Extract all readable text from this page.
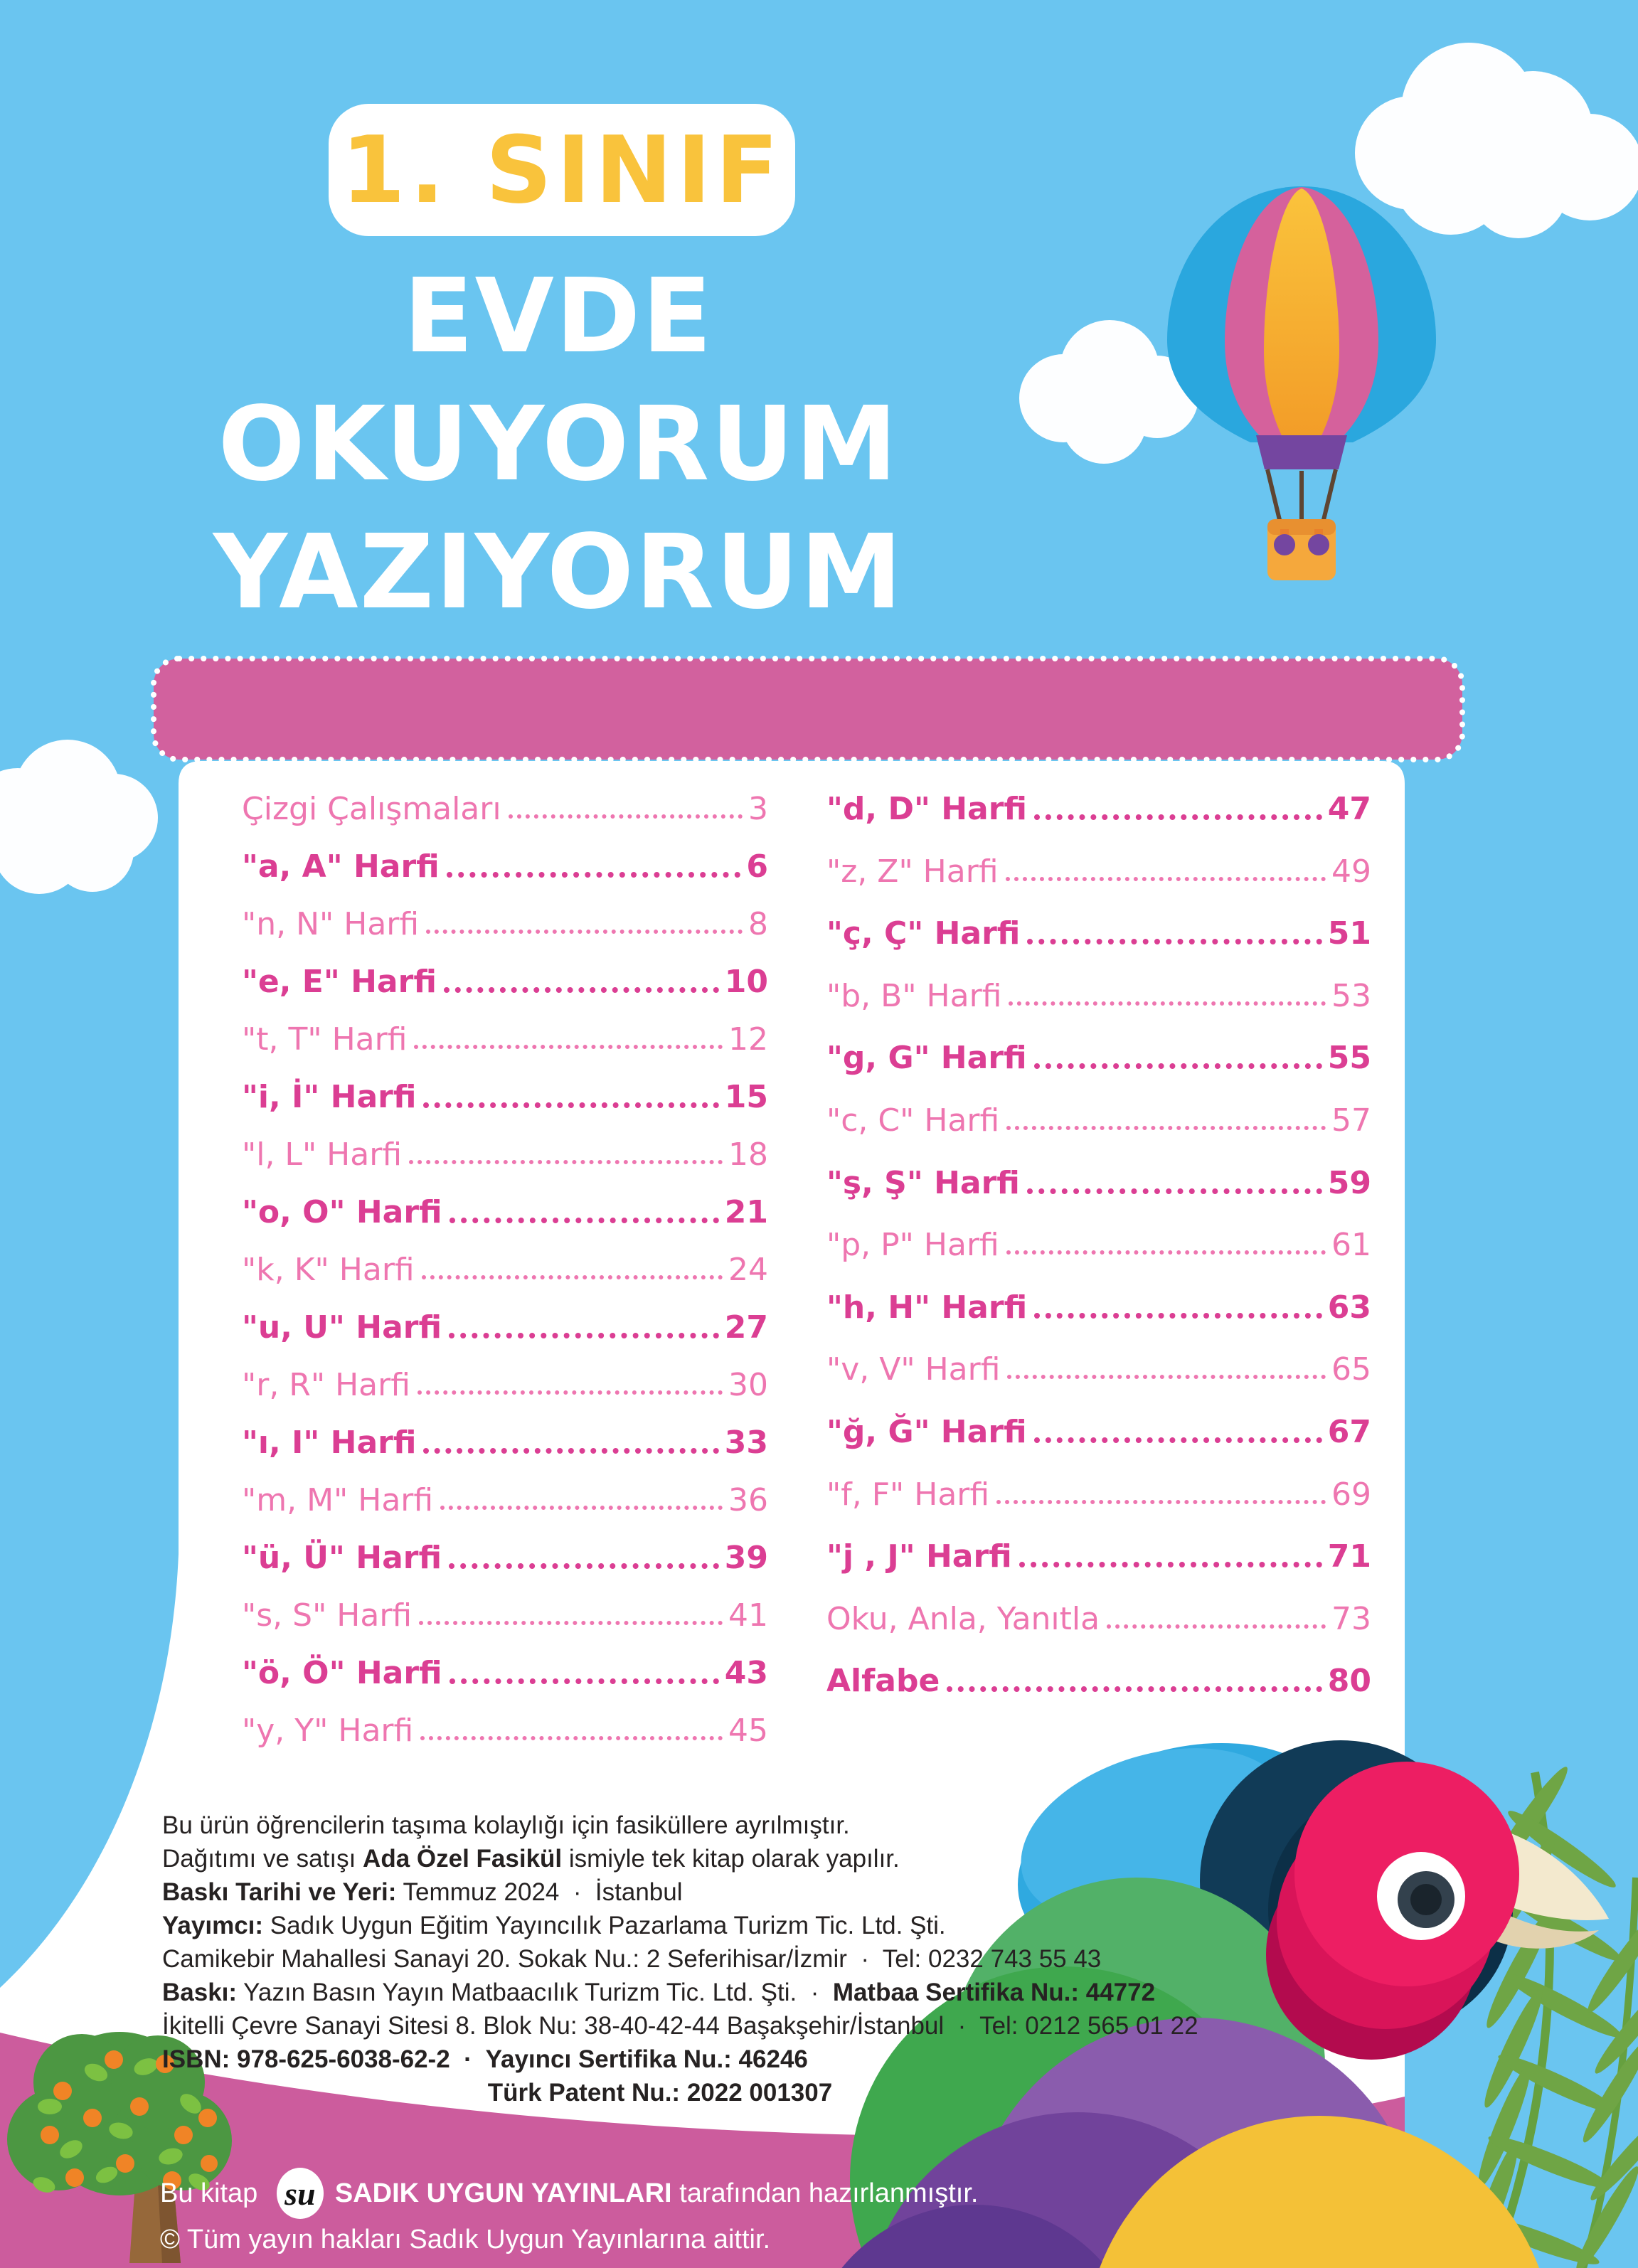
1. SINIF
EVDE
OKUYORUM
YAZIYORUM
Çizgi Çalışmaları	3
"a, A" Harfi	6
"n, N" Harfi	8
"e, E" Harfi	10
"t, T" Harfi	12
"i, İ" Harfi	15
"l, L" Harfi	18
"o, O" Harfi	21
"k, K" Harfi	24
"u, U" Harfi	27
"r, R" Harfi	30
"ı, I" Harfi	33
"m, M" Harfi	36
"ü, Ü" Harfi	39
"s, S" Harfi	41
"ö, Ö" Harfi	43
"y, Y" Harfi	45
"d, D" Harfi	47
"z, Z" Harfi	49
"ç, Ç" Harfi	51
"b, B" Harfi	53
"g, G" Harfi	55
"c, C" Harfi	57
"ş, Ş" Harfi	59
"p, P" Harfi	61
"h, H" Harfi	63
"v, V" Harfi	65
"ğ, Ğ" Harfi	67
"f, F" Harfi	69
"j , J" Harfi	71
Oku, Anla, Yanıtla	73
Alfabe	80
Bu ürün öğrencilerin taşıma kolaylığı için fasiküllere ayrılmıştır.
Dağıtımı ve satışı Ada Özel Fasikül ismiyle tek kitap olarak yapılır.
Baskı Tarihi ve Yeri: Temmuz 2024  ·  İstanbul
Yayımcı: Sadık Uygun Eğitim Yayıncılık Pazarlama Turizm Tic. Ltd. Şti.
Camikebir Mahallesi Sanayi 20. Sokak Nu.: 2 Seferihisar/İzmir  ·  Tel: 0232 743 55 43
Baskı: Yazın Basın Yayın Matbaacılık Turizm Tic. Ltd. Şti.  ·  Matbaa Sertifika Nu.: 44772
İkitelli Çevre Sanayi Sitesi 8. Blok Nu: 38-40-42-44 Başakşehir/İstanbul  ·  Tel: 0212 565 01 22
ISBN: 978-625-6038-62-2  ·  Yayıncı Sertifika Nu.: 46246
Türk Patent Nu.: 2022 001307
Bu kitap su SADIK UYGUN YAYINLARI tarafından hazırlanmıştır.
© Tüm yayın hakları Sadık Uygun Yayınlarına aittir.
